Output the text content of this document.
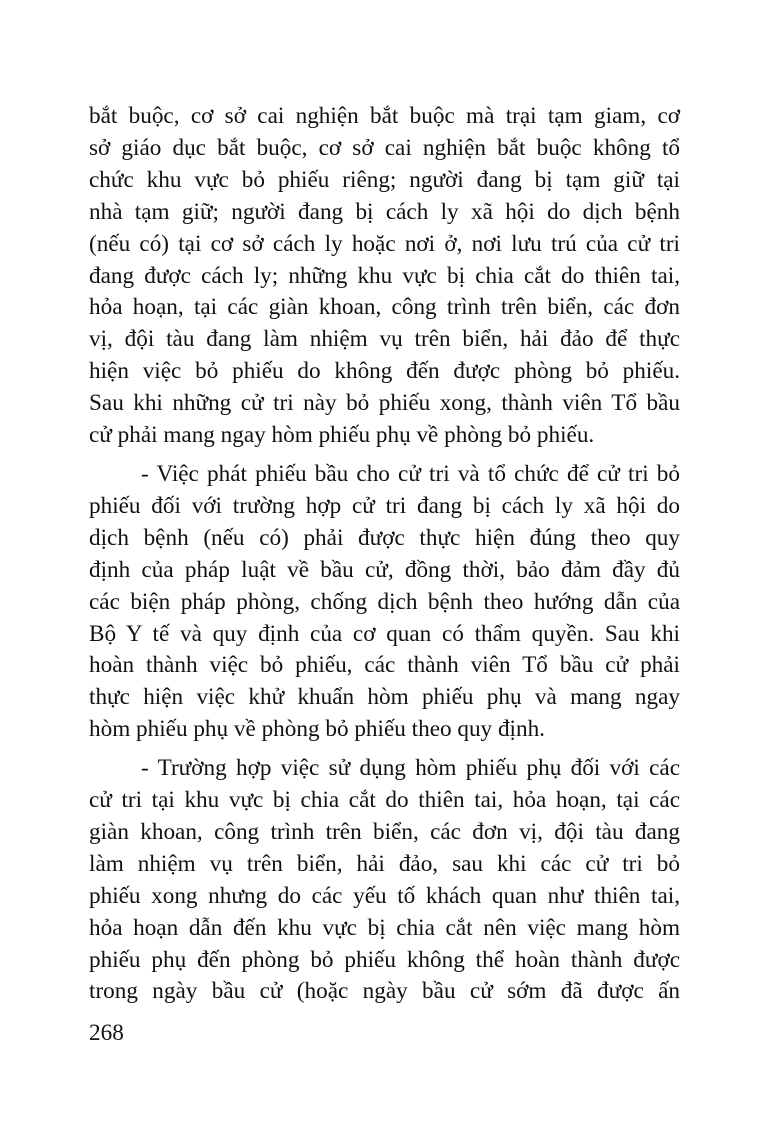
bắt buộc, cơ sở cai nghiện bắt buộc mà trại tạm giam, cơ
sở giáo dục bắt buộc, cơ sở cai nghiện bắt buộc không tổ
chức khu vực bỏ phiếu riêng; người đang bị tạm giữ tại
nhà tạm giữ; người đang bị cách ly xã hội do dịch bệnh
(nếu có) tại cơ sở cách ly hoặc nơi ở, nơi lưu trú của cử tri
đang được cách ly; những khu vực bị chia cắt do thiên tai,
hỏa hoạn, tại các giàn khoan, công trình trên biển, các đơn
vị, đội tàu đang làm nhiệm vụ trên biển, hải đảo để thực
hiện việc bỏ phiếu do không đến được phòng bỏ phiếu.
Sau khi những cử tri này bỏ phiếu xong, thành viên Tổ bầu
cử phải mang ngay hòm phiếu phụ về phòng bỏ phiếu.

- Việc phát phiếu bầu cho cử tri và tổ chức để cử tri bỏ
phiếu đối với trường hợp cử tri đang bị cách ly xã hội do
dịch bệnh (nếu có) phải được thực hiện đúng theo quy
định của pháp luật về bầu cử, đồng thời, bảo đảm đầy đủ
các biện pháp phòng, chống dịch bệnh theo hướng dẫn của
Bộ Y tế và quy định của cơ quan có thẩm quyền. Sau khi
hoàn thành việc bỏ phiếu, các thành viên Tổ bầu cử phải
thực hiện việc khử khuẩn hòm phiếu phụ và mang ngay
hòm phiếu phụ về phòng bỏ phiếu theo quy định.

- Trường hợp việc sử dụng hòm phiếu phụ đối với các
cử tri tại khu vực bị chia cắt do thiên tai, hỏa hoạn, tại các
giàn khoan, công trình trên biển, các đơn vị, đội tàu đang
làm nhiệm vụ trên biển, hải đảo, sau khi các cử tri bỏ
phiếu xong nhưng do các yếu tố khách quan như thiên tai,
hỏa hoạn dẫn đến khu vực bị chia cắt nên việc mang hòm
phiếu phụ đến phòng bỏ phiếu không thể hoàn thành được
trong ngày bầu cử (hoặc ngày bầu cử sớm đã được ấn

268
